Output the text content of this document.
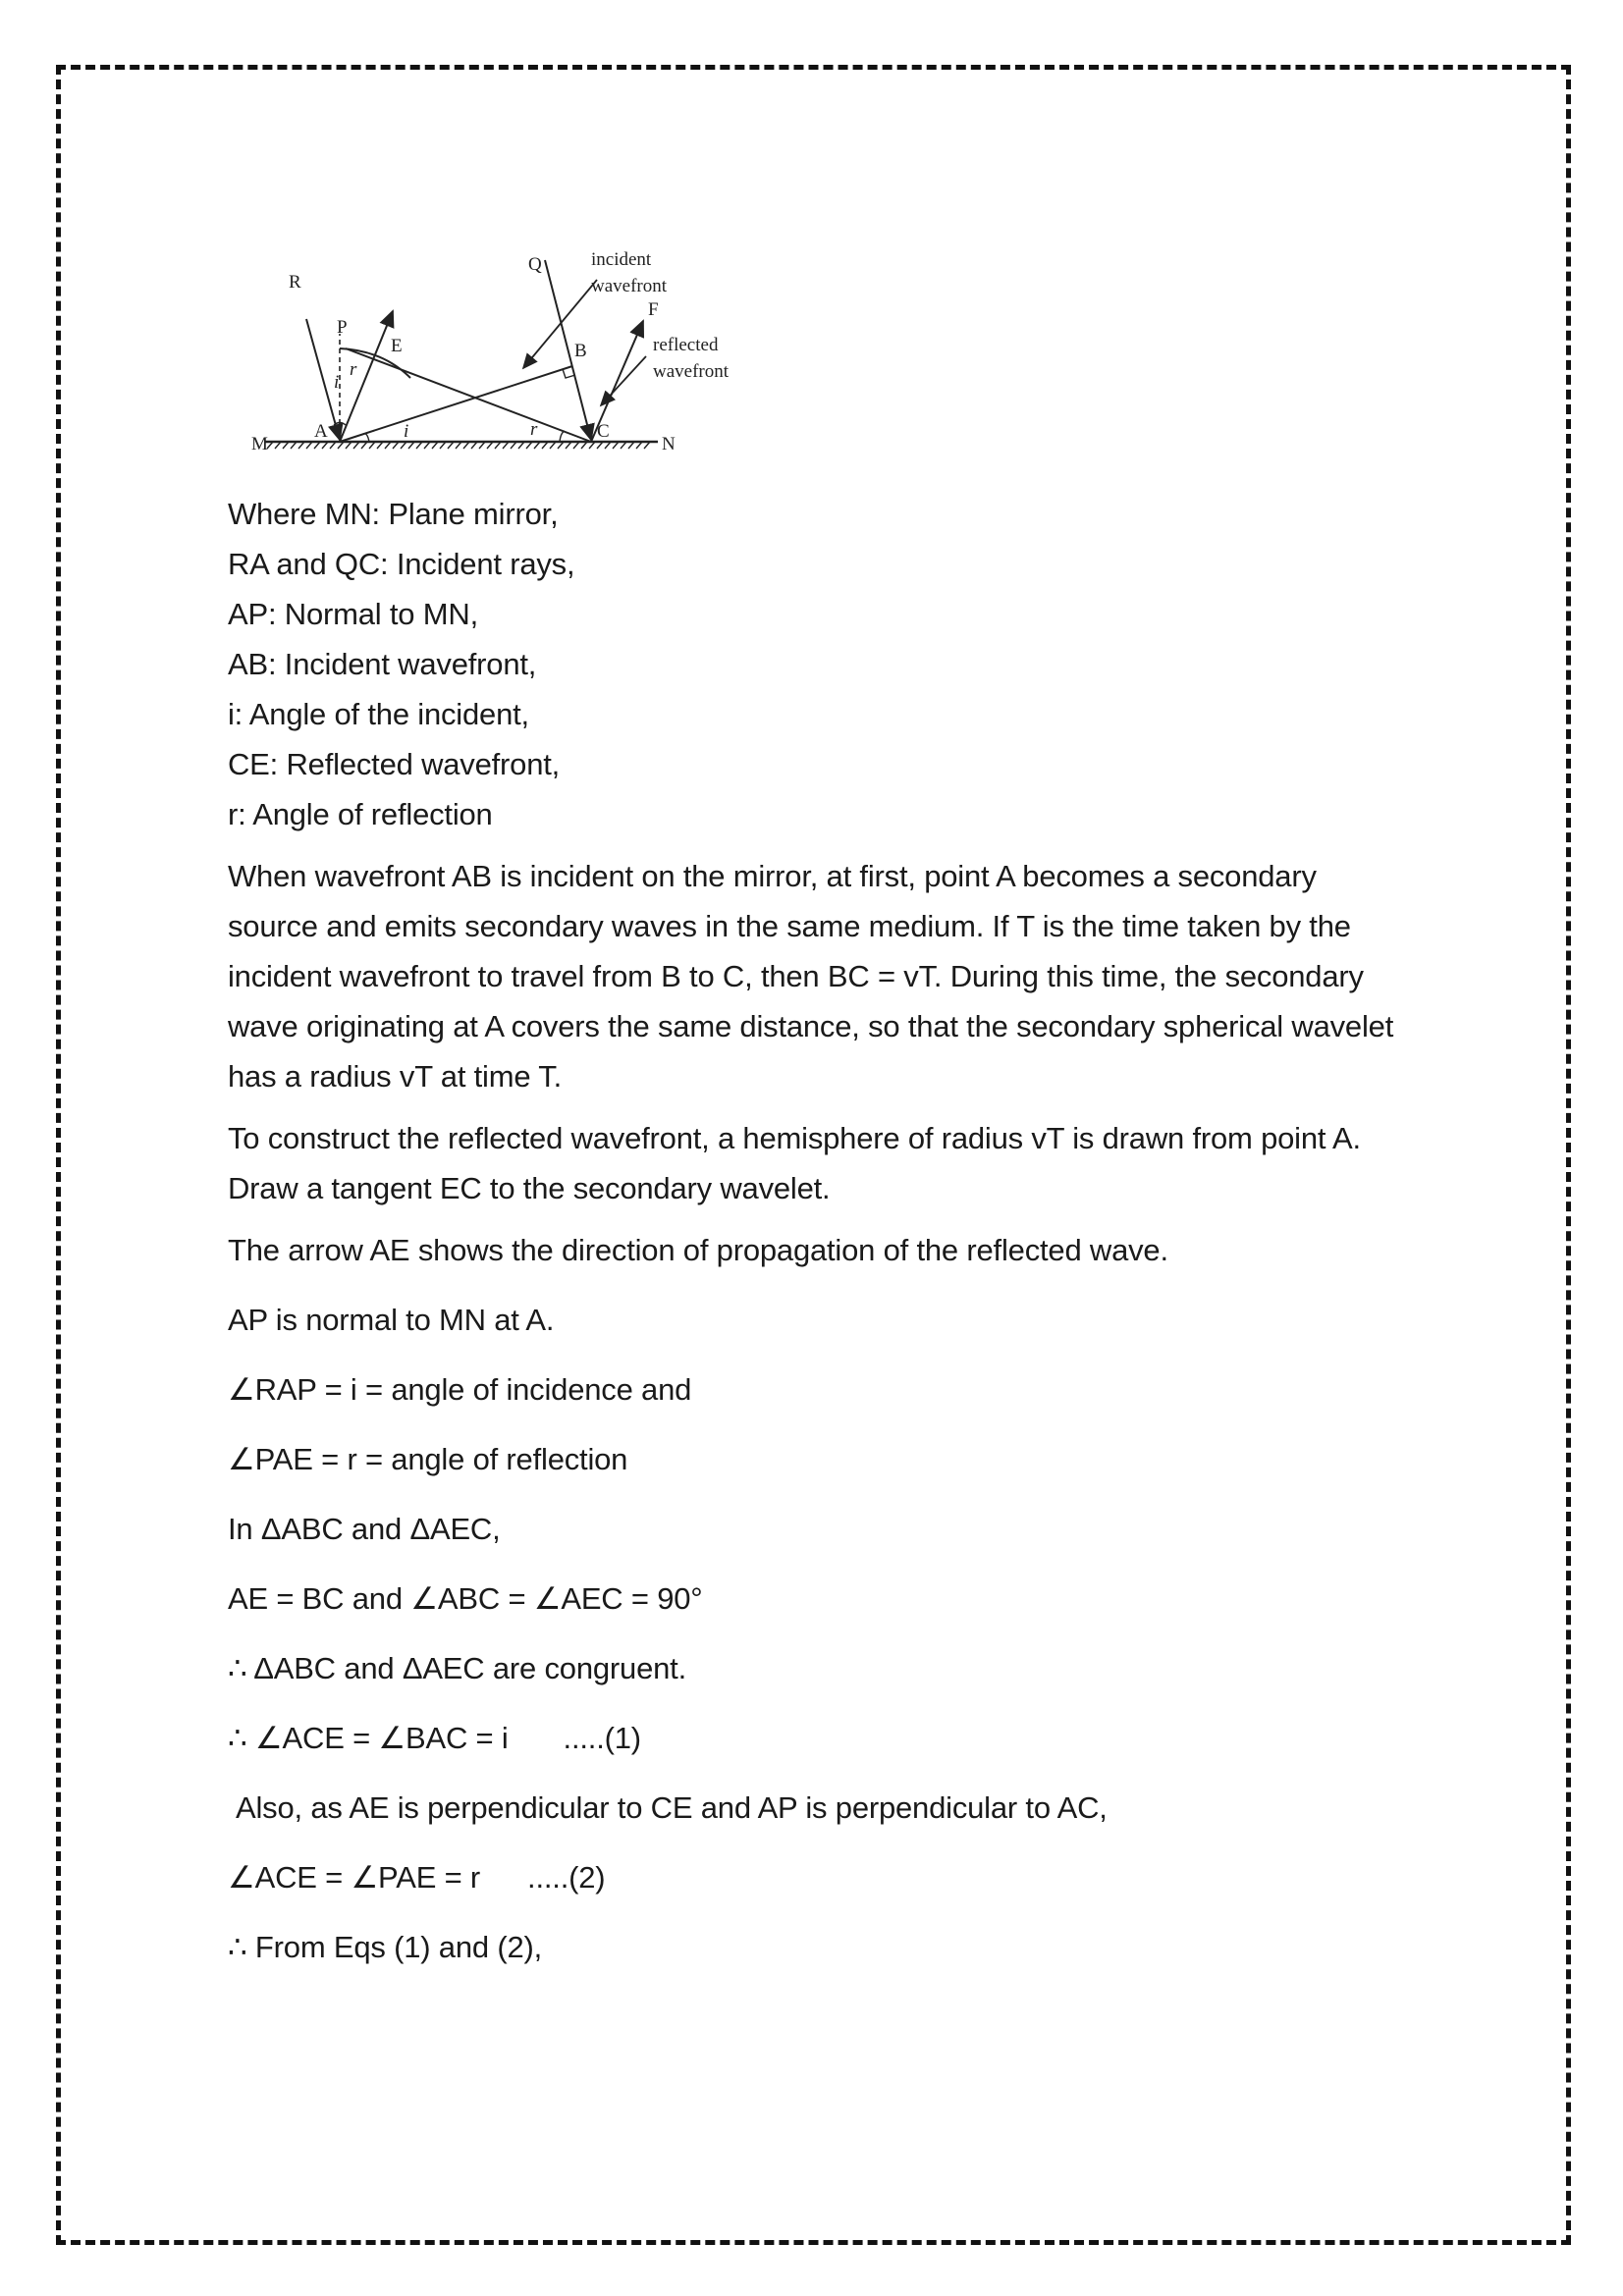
R
Q
P
E	B
F
A	C
M	N
i
r
i	r
incident
wavefront
reflected
wavefront

Where MN: Plane mirror,

RA and QC: Incident rays,

AP: Normal to MN,

AB: Incident wavefront,

i: Angle of the incident,

CE: Reflected wavefront,

r: Angle of reflection

When wavefront AB is incident on the mirror, at first, point A becomes a secondary source and emits secondary waves in the same medium. If T is the time taken by the incident wavefront to travel from B to C, then BC = vT. During this time, the secondary wave originating at A covers the same distance, so that the secondary spherical wavelet has a radius vT at time T.

To construct the reflected wavefront, a hemisphere of radius vT is drawn from point A. Draw a tangent EC to the secondary wavelet.

The arrow AE shows the direction of propagation of the reflected wave.

AP is normal to MN at A.

∠RAP = i = angle of incidence and

∠PAE = r = angle of reflection

In ΔABC and ΔAEC,

AE = BC and ∠ABC = ∠AEC = 90°

∴ ΔABC and ΔAEC are congruent.

∴ ∠ACE = ∠BAC = i .....(1)

Also, as AE is perpendicular to CE and AP is perpendicular to AC,

∠ACE = ∠PAE = r .....(2)

∴ From Eqs (1) and (2),
